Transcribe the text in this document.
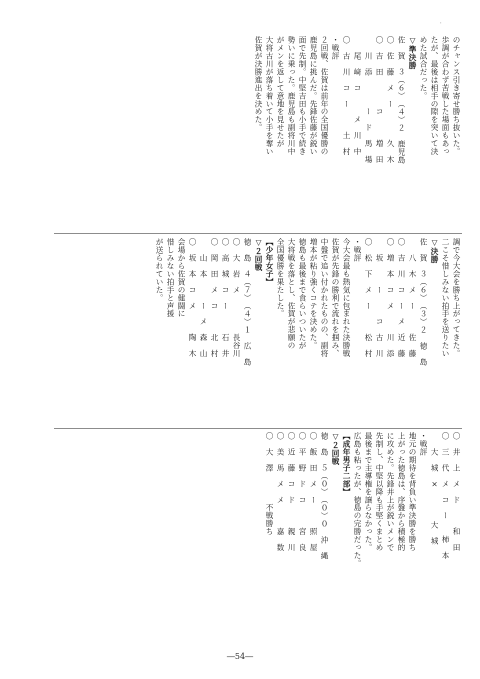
ˈ
のチャンス引き寄せ勝ち抜いた。
歩調が合わず苦戦した場面もあっ
たが、最後は相手の隙を突いて決
めた試合だった。
▽準決勝
佐　賀　３（６）　（４）２　鹿児島
〇　佐　藤　メ　ー　　　　久　木
〇　吉　田　　　　コ　　　増　田
　　川　添　　　　ー　ド　馬　場
　　尾　﨑　コ　　　メ　川　中
〇　古　川　コ　ー　　　土　村
・戦評
２回戦、佐賀は前年の全国優勝の
鹿児島に挑んだ。先鋒佐藤が鋭い
面で先制。中堅吉田も小手で続き
勢いに乗った。鹿児島も副将川中
がメンを返して意地を見せたが
大将古川が落ち着いて小手を奪い
佐賀が決勝進出を決めた。
調で今大会を勝ち上がってきた。
二こそ惜しみない拍手を送りたい
▽決勝
佐　賀　３（６）　（３）２　徳　島
　　八　木　メ　ー　　　佐　藤
〇　吉　川　コ　ー　メ　近　藤
〇　増　本　コ　メ　　　川　添
　　坂　　　ー　　　コ　古　川
〇　松　下　メ　ー　　　松　村
・戦評
今大会最も熱気に包まれた決勝戦
佐賀が先鋒の勝利で流れを掴み、
中盤で追い付かれたものの、副将
増本が粘り強くコテを決めた。
徳島も最後まで食らいついたが
大将戦を落とし、佐賀が悲願の
全国優勝を果たした。
【少年女子】
▽２回戦
徳　島　４（７）　（４）１　広　島
〇　大　岩　メ　　　　　長谷川
〇　高　城　コ　ー　　　石　井
〇　岡　田　メ　コ　　　北　村
　　山　本　　　ー　メ　森　山
〇　坂　本　コ　メ　　　陶　木
会場から佐賀の健闘に
惜しみない拍手と声援
が送られていた。
〇　井　上　メ　ド　　　和　田
〇　三　代　メ　コ　ー　　柿　本
　　大　城　×　　　　大　城
・戦評
地元の期待を背負い準決勝を勝ち
上がった徳島は、序盤から積極的
に攻めた。先鋒井上が鋭いメンで
先制し、中堅以降も手堅くまとめ
最後まで主導権を譲らなかった。
広島も粘ったが、徳島の完勝だった。
【成年男子二部】
▽２回戦
徳　島　５（０）　（０）０　沖　縄
〇　飯　田　メ　ー　　　照　屋
〇　平　野　ド　コ　　　宮　良
〇　近　藤　コ　ド　　　親　川
〇　美　馬　メ　メ　　　嘉　数
〇　大　澤　　　　不戦勝ち
―54―
